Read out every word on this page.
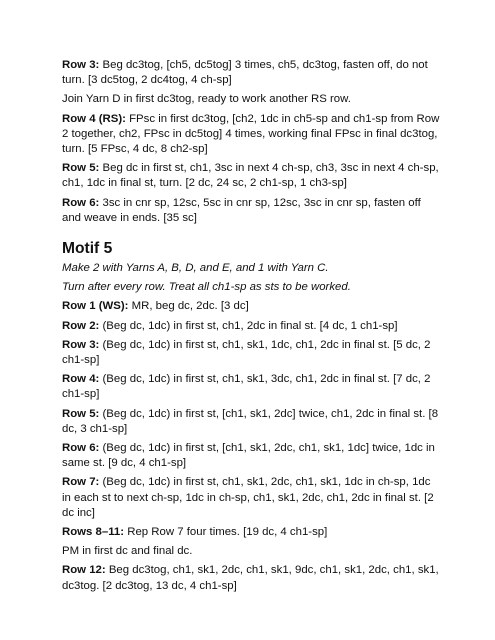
Row 3: Beg dc3tog, [ch5, dc5tog] 3 times, ch5, dc3tog, fasten off, do not turn. [3 dc5tog, 2 dc4tog, 4 ch-sp]

Join Yarn D in first dc3tog, ready to work another RS row.

Row 4 (RS): FPsc in first dc3tog, [ch2, 1dc in ch5-sp and ch1-sp from Row 2 together, ch2, FPsc in dc5tog] 4 times, working final FPsc in final dc3tog, turn. [5 FPsc, 4 dc, 8 ch2-sp]

Row 5: Beg dc in first st, ch1, 3sc in next 4 ch-sp, ch3, 3sc in next 4 ch-sp, ch1, 1dc in final st, turn. [2 dc, 24 sc, 2 ch1-sp, 1 ch3-sp]

Row 6: 3sc in cnr sp, 12sc, 5sc in cnr sp, 12sc, 3sc in cnr sp, fasten off and weave in ends. [35 sc]

Motif 5

Make 2 with Yarns A, B, D, and E, and 1 with Yarn C.

Turn after every row. Treat all ch1-sp as sts to be worked.

Row 1 (WS): MR, beg dc, 2dc. [3 dc]

Row 2: (Beg dc, 1dc) in first st, ch1, 2dc in final st. [4 dc, 1 ch1-sp]

Row 3: (Beg dc, 1dc) in first st, ch1, sk1, 1dc, ch1, 2dc in final st. [5 dc, 2 ch1-sp]

Row 4: (Beg dc, 1dc) in first st, ch1, sk1, 3dc, ch1, 2dc in final st. [7 dc, 2 ch1-sp]

Row 5: (Beg dc, 1dc) in first st, [ch1, sk1, 2dc] twice, ch1, 2dc in final st. [8 dc, 3 ch1-sp]

Row 6: (Beg dc, 1dc) in first st, [ch1, sk1, 2dc, ch1, sk1, 1dc] twice, 1dc in same st. [9 dc, 4 ch1-sp]

Row 7: (Beg dc, 1dc) in first st, ch1, sk1, 2dc, ch1, sk1, 1dc in ch-sp, 1dc in each st to next ch-sp, 1dc in ch-sp, ch1, sk1, 2dc, ch1, 2dc in final st. [2 dc inc]

Rows 8–11: Rep Row 7 four times. [19 dc, 4 ch1-sp]

PM in first dc and final dc.

Row 12: Beg dc3tog, ch1, sk1, 2dc, ch1, sk1, 9dc, ch1, sk1, 2dc, ch1, sk1, dc3tog. [2 dc3tog, 13 dc, 4 ch1-sp]
